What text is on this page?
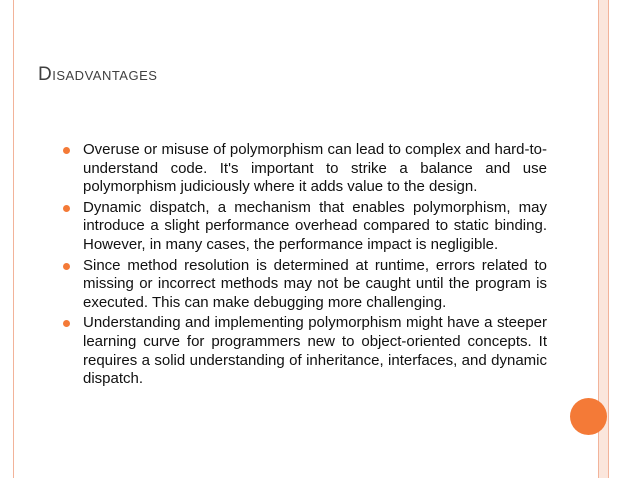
Disadvantages
Overuse or misuse of polymorphism can lead to complex and hard-to-understand code. It's important to strike a balance and use polymorphism judiciously where it adds value to the design.
Dynamic dispatch, a mechanism that enables polymorphism, may introduce a slight performance overhead compared to static binding. However, in many cases, the performance impact is negligible.
Since method resolution is determined at runtime, errors related to missing or incorrect methods may not be caught until the program is executed. This can make debugging more challenging.
Understanding and implementing polymorphism might have a steeper learning curve for programmers new to object-oriented concepts. It requires a solid understanding of inheritance, interfaces, and dynamic dispatch.
